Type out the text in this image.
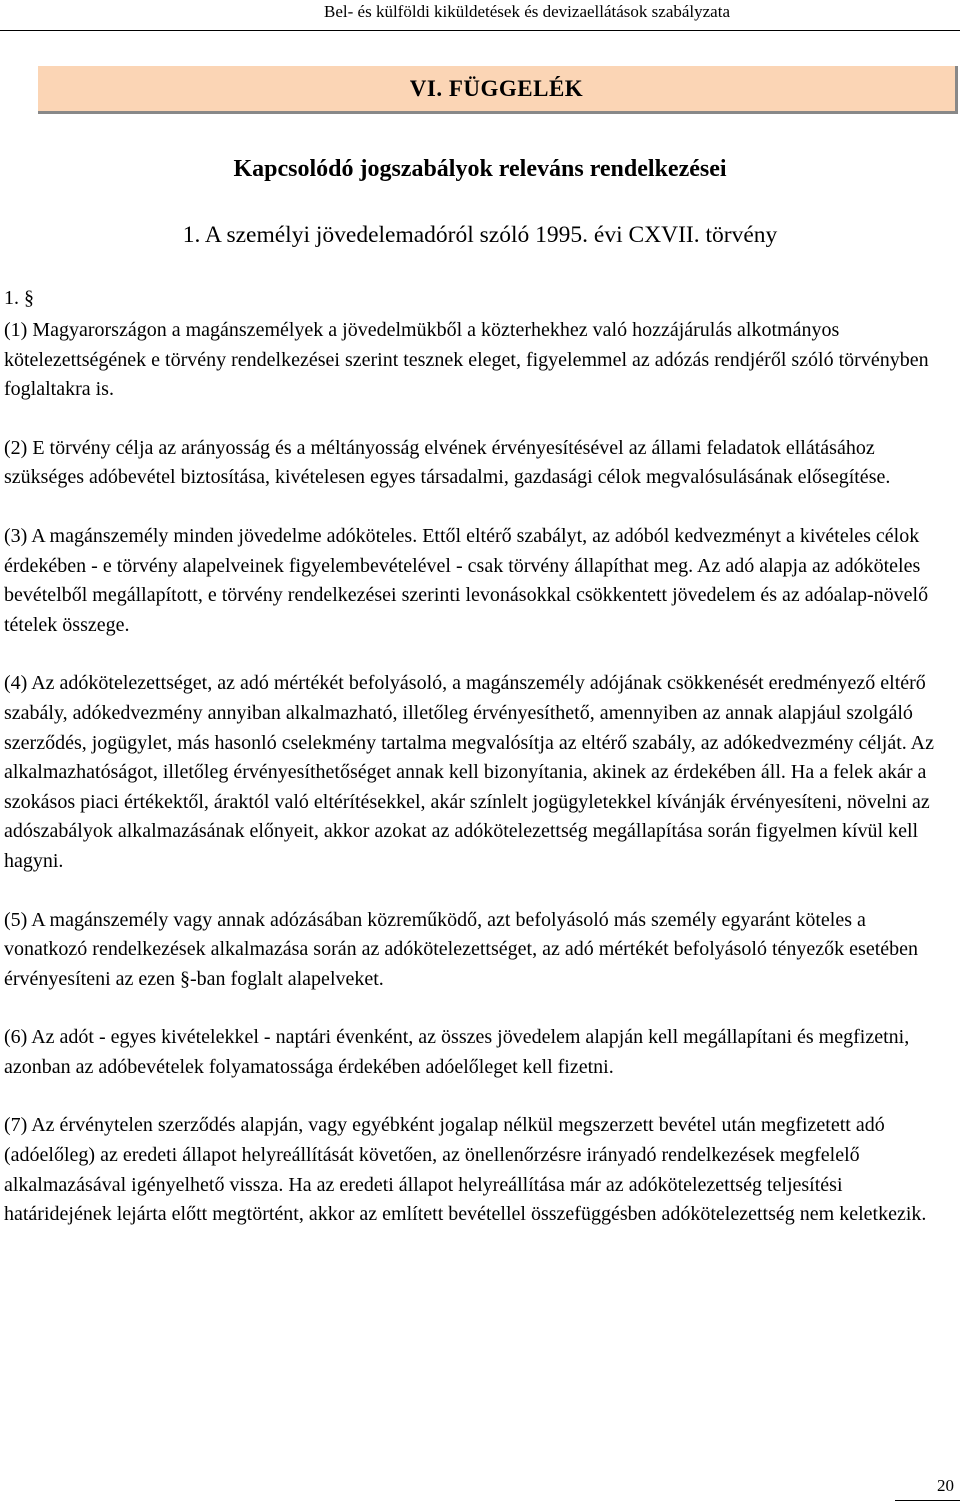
Bel- és külföldi kiküldetések és devizaellátások szabályzata
VI. FÜGGELÉK
Kapcsolódó jogszabályok releváns rendelkezései
1. A személyi jövedelemadóról szóló 1995. évi CXVII. törvény
1. §

(1) Magyarországon a magánszemélyek a jövedelmükből a közterhekhez való hozzájárulás alkotmányos kötelezettségének e törvény rendelkezései szerint tesznek eleget, figyelemmel az adózás rendjéről szóló törvényben foglaltakra is.

(2) E törvény célja az arányosság és a méltányosság elvének érvényesítésével az állami feladatok ellátásához szükséges adóbevétel biztosítása, kivételesen egyes társadalmi, gazdasági célok megvalósulásának elősegítése.

(3) A magánszemély minden jövedelme adóköteles. Ettől eltérő szabályt, az adóból kedvezményt a kivételes célok érdekében - e törvény alapelveinek figyelembevételével - csak törvény állapíthat meg. Az adó alapja az adóköteles bevételből megállapított, e törvény rendelkezései szerinti levonásokkal csökkentett jövedelem és az adóalap-növelő tételek összege.

(4) Az adókötelezettséget, az adó mértékét befolyásoló, a magánszemély adójának csökkenését eredményező eltérő szabály, adókedvezmény annyiban alkalmazható, illetőleg érvényesíthető, amennyiben az annak alapjául szolgáló szerződés, jogügylet, más hasonló cselekmény tartalma megvalósítja az eltérő szabály, az adókedvezmény célját. Az alkalmazhatóságot, illetőleg érvényesíthetőséget annak kell bizonyítania, akinek az érdekében áll. Ha a felek akár a szokásos piaci értékektől, áraktól való eltérítésekkel, akár színlelt jogügyletekkel kívánják érvényesíteni, növelni az adószabályok alkalmazásának előnyeit, akkor azokat az adókötelezettség megállapítása során figyelmen kívül kell hagyni.

(5) A magánszemély vagy annak adózásában közreműködő, azt befolyásoló más személy egyaránt köteles a vonatkozó rendelkezések alkalmazása során az adókötelezettséget, az adó mértékét befolyásoló tényezők esetében érvényesíteni az ezen §-ban foglalt alapelveket.

(6) Az adót - egyes kivételekkel - naptári évenként, az összes jövedelem alapján kell megállapítani és megfizetni, azonban az adóbevételek folyamatossága érdekében adóelőleget kell fizetni.

(7) Az érvénytelen szerződés alapján, vagy egyébként jogalap nélkül megszerzett bevétel után megfizetett adó (adóelőleg) az eredeti állapot helyreállítását követően, az önellenőrzésre irányadó rendelkezések megfelelő alkalmazásával igényelhető vissza. Ha az eredeti állapot helyreállítása már az adókötelezettség teljesítési határidejének lejárta előtt megtörtént, akkor az említett bevétellel összefüggésben adókötelezettség nem keletkezik.

20
